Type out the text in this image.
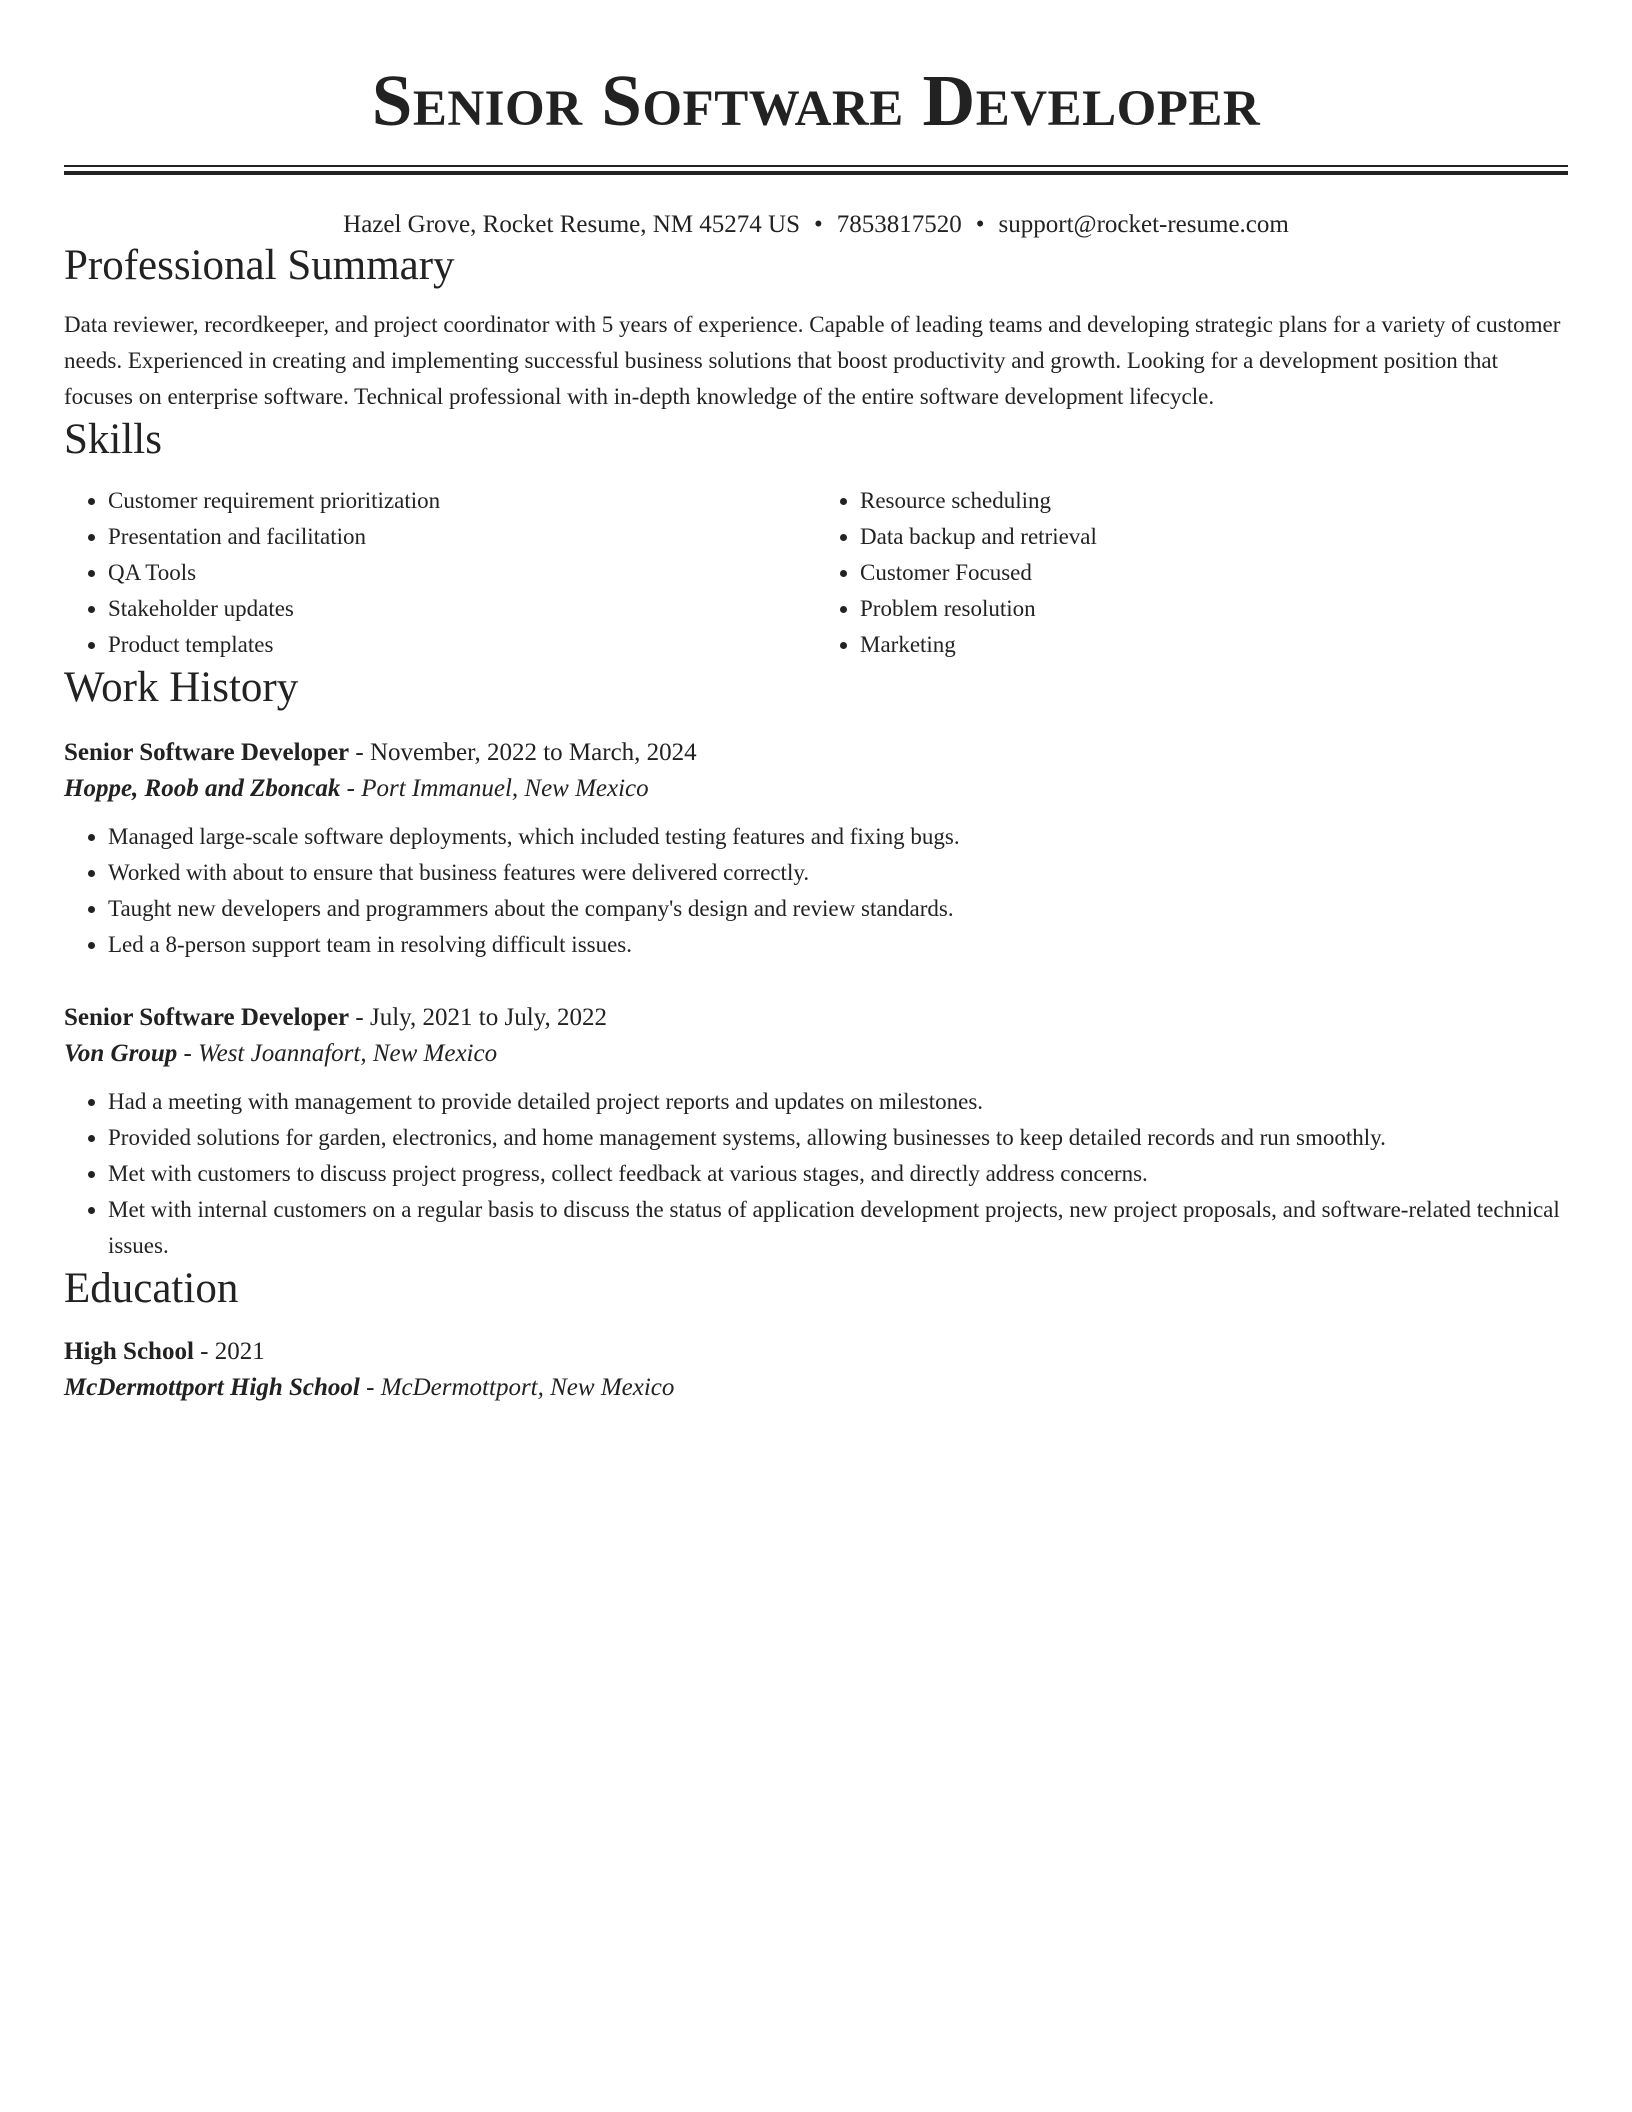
Senior Software Developer
Hazel Grove, Rocket Resume, NM 45274 US • 7853817520 • support@rocket-resume.com
Professional Summary

Data reviewer, recordkeeper, and project coordinator with 5 years of experience. Capable of leading teams and developing strategic plans for a variety of customer needs. Experienced in creating and implementing successful business solutions that boost productivity and growth. Looking for a development position that focuses on enterprise software. Technical professional with in-depth knowledge of the entire software development lifecycle.

Skills
• Customer requirement prioritization
• Presentation and facilitation
• QA Tools
• Stakeholder updates
• Product templates
• Resource scheduling
• Data backup and retrieval
• Customer Focused
• Problem resolution
• Marketing
Work History
Senior Software Developer - November, 2022 to March, 2024
Hoppe, Roob and Zboncak - Port Immanuel, New Mexico
• Managed large-scale software deployments, which included testing features and fixing bugs.
• Worked with about to ensure that business features were delivered correctly.
• Taught new developers and programmers about the company's design and review standards.
• Led a 8-person support team in resolving difficult issues.
Senior Software Developer - July, 2021 to July, 2022
Von Group - West Joannafort, New Mexico
• Had a meeting with management to provide detailed project reports and updates on milestones.
• Provided solutions for garden, electronics, and home management systems, allowing businesses to keep detailed records and run smoothly.
• Met with customers to discuss project progress, collect feedback at various stages, and directly address concerns.
• Met with internal customers on a regular basis to discuss the status of application development projects, new project proposals, and software-related technical issues.
Education
High School - 2021
McDermottport High School - McDermottport, New Mexico
